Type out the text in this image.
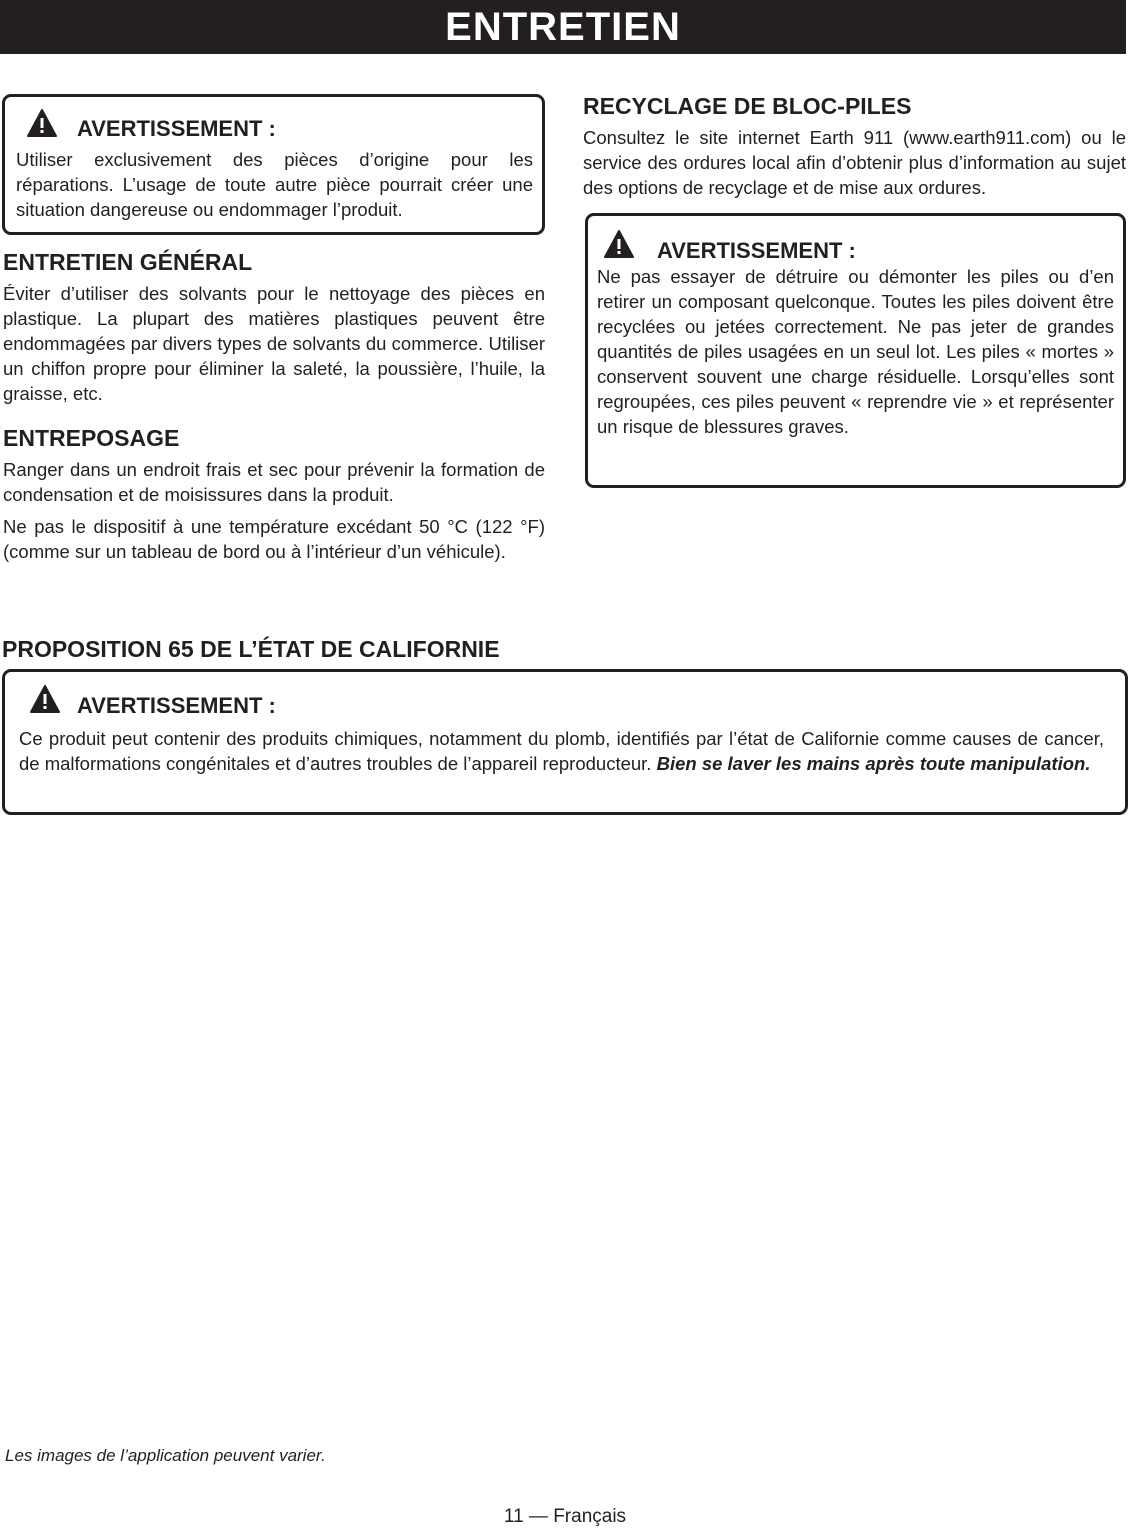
ENTRETIEN
AVERTISSEMENT :

Utiliser exclusivement des pièces d’origine pour les réparations. L’usage de toute autre pièce pourrait créer une situation dangereuse ou endommager l’produit.

ENTRETIEN GÉNÉRAL

Éviter d’utiliser des solvants pour le nettoyage des pièces en plastique. La plupart des matières plastiques peuvent être endommagées par divers types de solvants du commerce. Utiliser un chiffon propre pour éliminer la saleté, la poussière, l’huile, la graisse, etc.

ENTREPOSAGE

Ranger dans un endroit frais et sec pour prévenir la formation de condensation et de moisissures dans la produit.

Ne pas le dispositif à une température excédant 50 °C (122 °F) (comme sur un tableau de bord ou à l’intérieur d’un véhicule).

RECYCLAGE DE BLOC-PILES

Consultez le site internet Earth 911 (www.earth911.com) ou le service des ordures local afin d’obtenir plus d’information au sujet des options de recyclage et de mise aux ordures.

AVERTISSEMENT :

Ne pas essayer de détruire ou démonter les piles ou d’en retirer un composant quelconque. Toutes les piles doivent être recyclées ou jetées correctement. Ne pas jeter de grandes quantités de piles usagées en un seul lot. Les piles « mortes » conservent souvent une charge résiduelle. Lorsqu’elles sont regroupées, ces piles peuvent « reprendre vie » et représenter un risque de blessures graves.

PROPOSITION 65 DE L’ÉTAT DE CALIFORNIE
AVERTISSEMENT :

Ce produit peut contenir des produits chimiques, notamment du plomb, identifiés par l’état de Californie comme causes de cancer, de malformations congénitales et d’autres troubles de l’appareil reproducteur. Bien se laver les mains après toute manipulation.

Les images de l’application peuvent varier.
11 — Français
